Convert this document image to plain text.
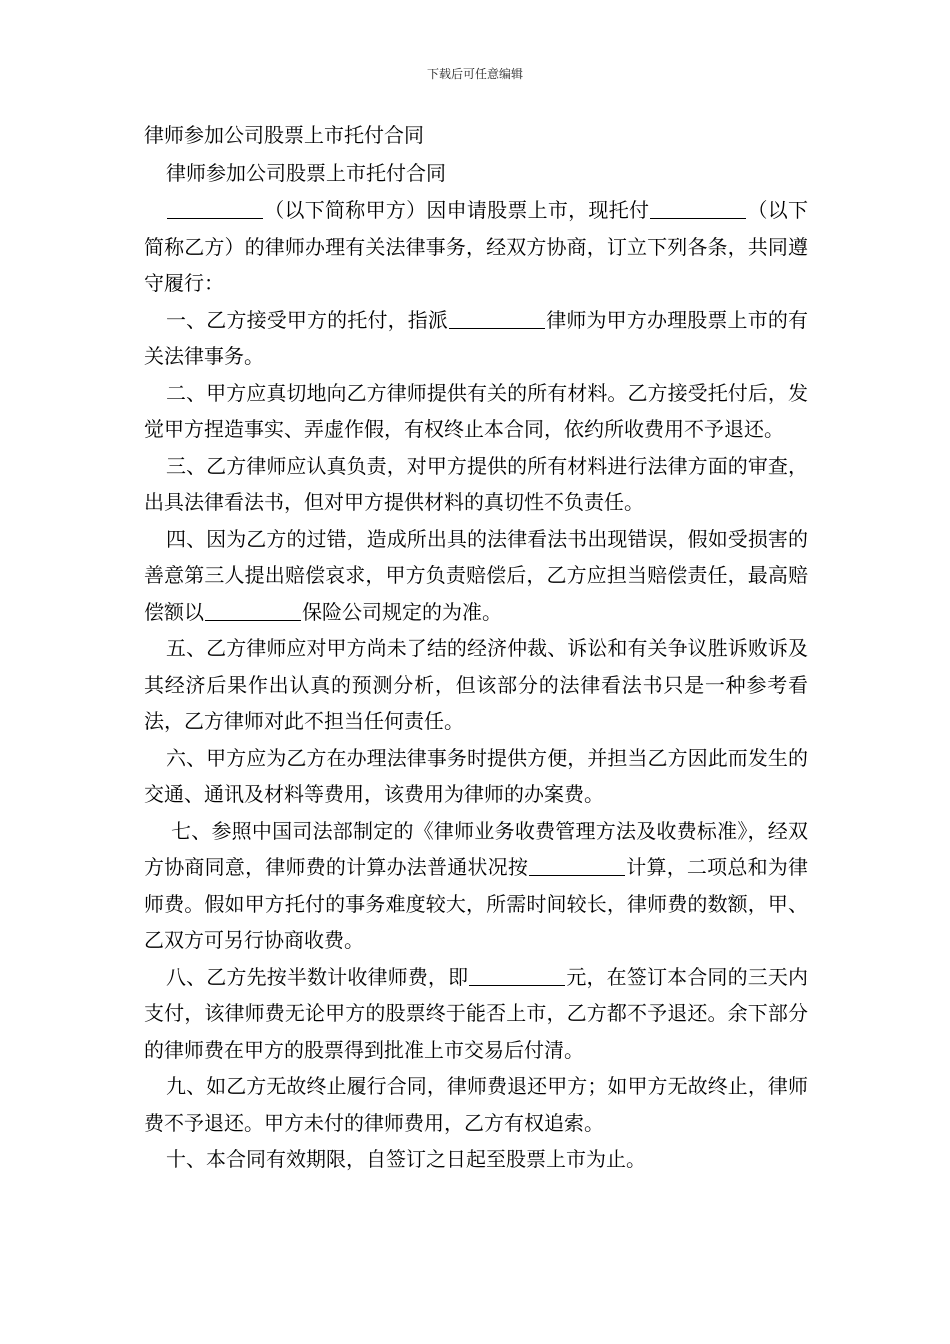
下载后可任意编辑

律师参加公司股票上市托付合同

律师参加公司股票上市托付合同

（以下简称甲方）因申请股票上市，现托付	（以下简称乙方）的律师办理有关法律事务，经双方协商，订立下列各条，共同遵守履行：

一、乙方接受甲方的托付，指派	律师为甲方办理股票上市的有关法律事务。

二、甲方应真切地向乙方律师提供有关的所有材料。乙方接受托付后，发觉甲方捏造事实、弄虚作假，有权终止本合同，依约所收费用不予退还。

三、乙方律师应认真负责，对甲方提供的所有材料进行法律方面的审查，出具法律看法书，但对甲方提供材料的真切性不负责任。

四、因为乙方的过错，造成所出具的法律看法书出现错误，假如受损害的善意第三人提出赔偿哀求，甲方负责赔偿后，乙方应担当赔偿责任，最高赔偿额以	保险公司规定的为准。

五、乙方律师应对甲方尚未了结的经济仲裁、诉讼和有关争议胜诉败诉及其经济后果作出认真的预测分析，但该部分的法律看法书只是一种参考看法，乙方律师对此不担当任何责任。

六、甲方应为乙方在办理法律事务时提供方便，并担当乙方因此而发生的交通、通讯及材料等费用，该费用为律师的办案费。

七、参照中国司法部制定的《律师业务收费管理方法及收费标准》，经双方协商同意，律师费的计算办法普通状况按	计算，二项总和为律师费。假如甲方托付的事务难度较大，所需时间较长，律师费的数额，甲、乙双方可另行协商收费。

八、乙方先按半数计收律师费，即	元，在签订本合同的三天内支付，该律师费无论甲方的股票终于能否上市，乙方都不予退还。余下部分的律师费在甲方的股票得到批准上市交易后付清。

九、如乙方无故终止履行合同，律师费退还甲方；如甲方无故终止，律师费不予退还。甲方未付的律师费用，乙方有权追索。

十、本合同有效期限，自签订之日起至股票上市为止。
